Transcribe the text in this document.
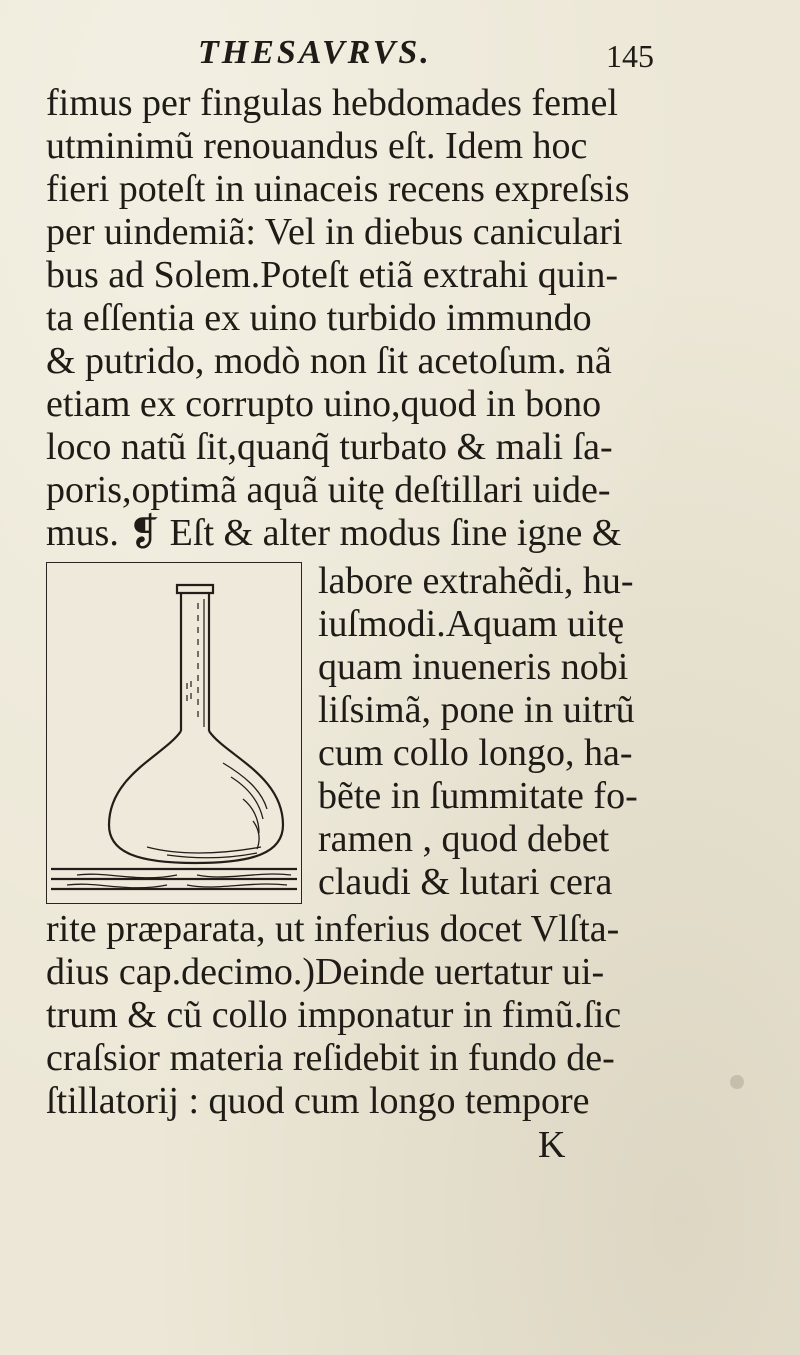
THESAVRVS.	145
fimus per fingulas hebdomades femel
utminimũ renouandus eſt. Idem hoc
fieri poteſt in uinaceis recens expreſsis
per uindemiã: Vel in diebus caniculari
bus ad Solem.Poteſt etiã extrahi quin-
ta eſſentia ex uino turbido immundo
& putrido, modò non ſit acetoſum. nã
etiam ex corrupto uino,quod in bono
loco natũ ſit,quanq̃ turbato & mali ſa-
poris,optimã aquã uitę deſtillari uide-
mus. ❡ Eſt & alter modus ſine igne &
labore extrahẽdi, hu-
iuſmodi.Aquam uitę
quam inueneris nobi
liſsimã, pone in uitrũ
cum collo longo, ha-
bẽte in ſummitate fo-
ramen , quod debet
claudi & lutari cera
rite præparata, ut inferius docet Vlſta-
dius cap.decimo.)Deinde uertatur ui-
trum & cũ collo imponatur in fimũ.ſic
craſsior materia reſidebit in fundo de-
ſtillatorij : quod cum longo tempore
K
